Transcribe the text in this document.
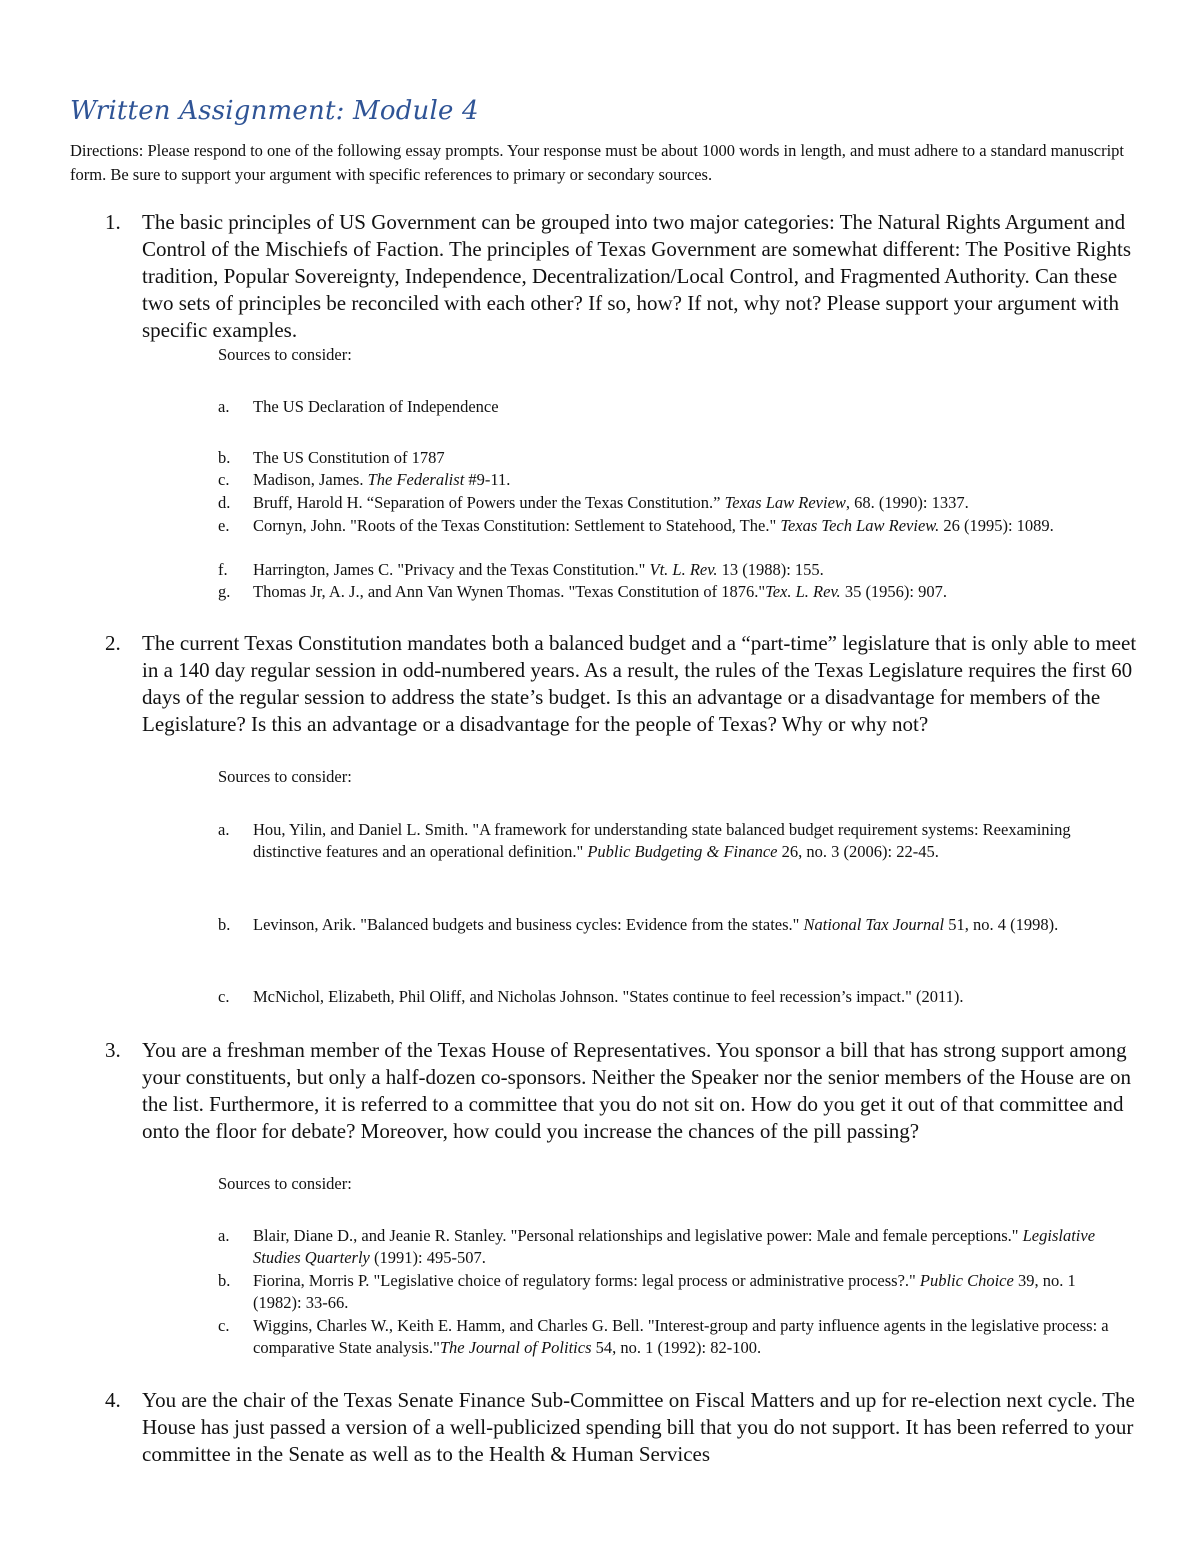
Written Assignment: Module 4
Directions: Please respond to one of the following essay prompts. Your response must be about 1000 words in length, and must adhere to a standard manuscript form. Be sure to support your argument with specific references to primary or secondary sources.
1.	The basic principles of US Government can be grouped into two major categories: The Natural Rights Argument and Control of the Mischiefs of Faction. The principles of Texas Government are somewhat different: The Positive Rights tradition, Popular Sovereignty, Independence, Decentralization/Local Control, and Fragmented Authority. Can these two sets of principles be reconciled with each other? If so, how? If not, why not? Please support your argument with specific examples.
Sources to consider:
a.	The US Declaration of Independence
b.	The US Constitution of 1787
c.	Madison, James. The Federalist #9-11.
d.	Bruff, Harold H. “Separation of Powers under the Texas Constitution.” Texas Law Review, 68. (1990): 1337.
e.	Cornyn, John. "Roots of the Texas Constitution: Settlement to Statehood, The." Texas Tech Law Review. 26 (1995): 1089.
f.	Harrington, James C. "Privacy and the Texas Constitution." Vt. L. Rev. 13 (1988): 155.
g.	Thomas Jr, A. J., and Ann Van Wynen Thomas. "Texas Constitution of 1876."Tex. L. Rev. 35 (1956): 907.
2.	The current Texas Constitution mandates both a balanced budget and a “part-time” legislature that is only able to meet in a 140 day regular session in odd-numbered years. As a result, the rules of the Texas Legislature requires the first 60 days of the regular session to address the state’s budget. Is this an advantage or a disadvantage for members of the Legislature? Is this an advantage or a disadvantage for the people of Texas? Why or why not?
Sources to consider:
a.	Hou, Yilin, and Daniel L. Smith. "A framework for understanding state balanced budget requirement systems: Reexamining distinctive features and an operational definition." Public Budgeting & Finance 26, no. 3 (2006): 22-45.
b.	Levinson, Arik. "Balanced budgets and business cycles: Evidence from the states." National Tax Journal 51, no. 4 (1998).
c.	McNichol, Elizabeth, Phil Oliff, and Nicholas Johnson. "States continue to feel recession’s impact." (2011).
3.	You are a freshman member of the Texas House of Representatives. You sponsor a bill that has strong support among your constituents, but only a half-dozen co-sponsors. Neither the Speaker nor the senior members of the House are on the list. Furthermore, it is referred to a committee that you do not sit on. How do you get it out of that committee and onto the floor for debate? Moreover, how could you increase the chances of the pill passing?
Sources to consider:
a.	Blair, Diane D., and Jeanie R. Stanley. "Personal relationships and legislative power: Male and female perceptions." Legislative Studies Quarterly (1991): 495-507.
b.	Fiorina, Morris P. "Legislative choice of regulatory forms: legal process or administrative process?." Public Choice 39, no. 1 (1982): 33-66.
c.	Wiggins, Charles W., Keith E. Hamm, and Charles G. Bell. "Interest-group and party influence agents in the legislative process: a comparative State analysis."The Journal of Politics 54, no. 1 (1992): 82-100.
4.	You are the chair of the Texas Senate Finance Sub-Committee on Fiscal Matters and up for re-election next cycle. The House has just passed a version of a well-publicized spending bill that you do not support. It has been referred to your committee in the Senate as well as to the Health & Human Services
